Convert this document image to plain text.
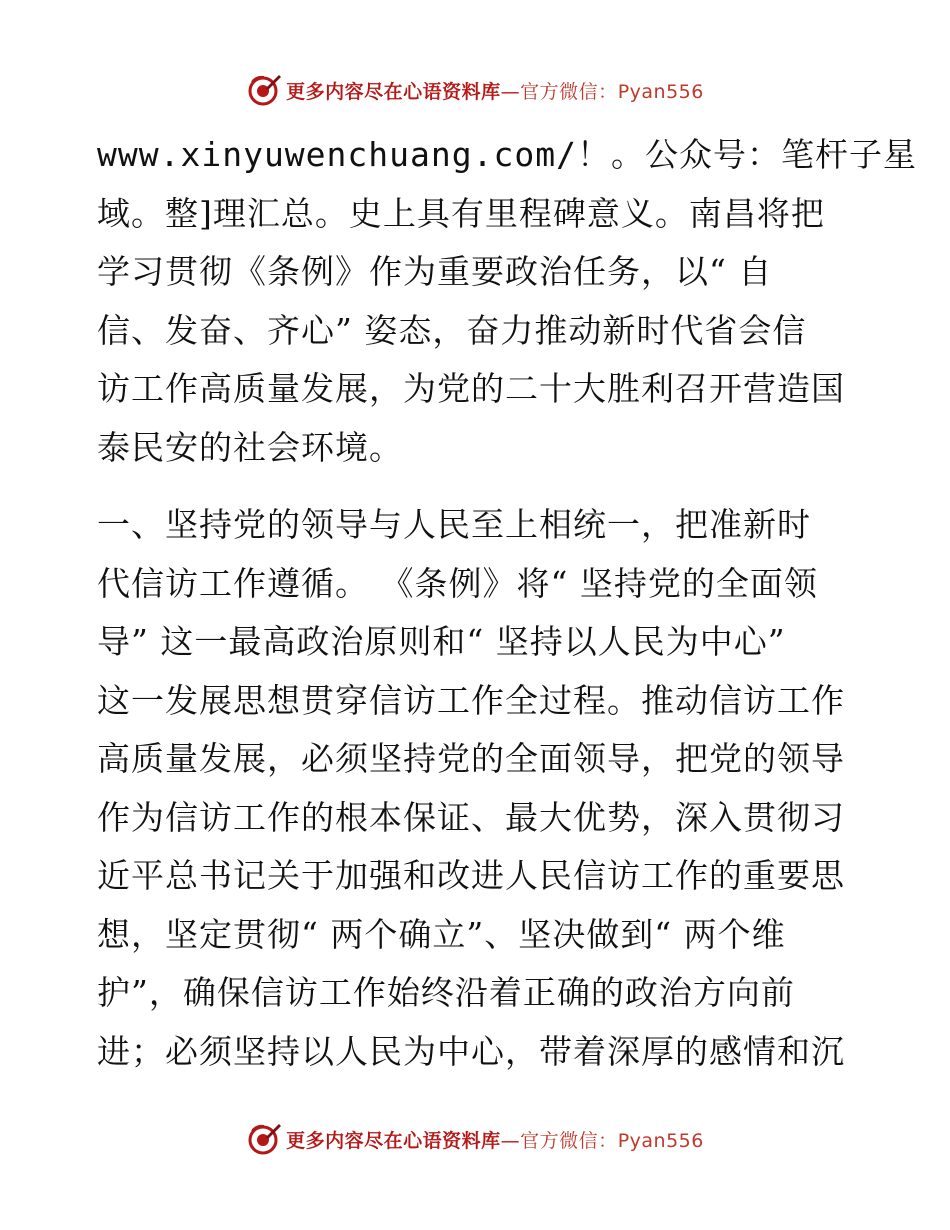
更多内容尽在心语资料库—官方微信：Pyan556
www.xinyuwenchuang.com/！。公众号：笔杆子星
域。整]理汇总。史上具有里程碑意义。南昌将把
学习贯彻《条例》作为重要政治任务，以“ 自
信、发奋、齐心” 姿态，奋力推动新时代省会信
访工作高质量发展，为党的二十大胜利召开营造国
泰民安的社会环境。
一、坚持党的领导与人民至上相统一，把准新时
代信访工作遵循。 《条例》将“ 坚持党的全面领
导” 这一最高政治原则和“ 坚持以人民为中心”
这一发展思想贯穿信访工作全过程。推动信访工作
高质量发展，必须坚持党的全面领导，把党的领导
作为信访工作的根本保证、最大优势，深入贯彻习
近平总书记关于加强和改进人民信访工作的重要思
想，坚定贯彻“ 两个确立”、坚决做到“ 两个维
护”，确保信访工作始终沿着正确的政治方向前
进；必须坚持以人民为中心，带着深厚的感情和沉
更多内容尽在心语资料库—官方微信：Pyan556
